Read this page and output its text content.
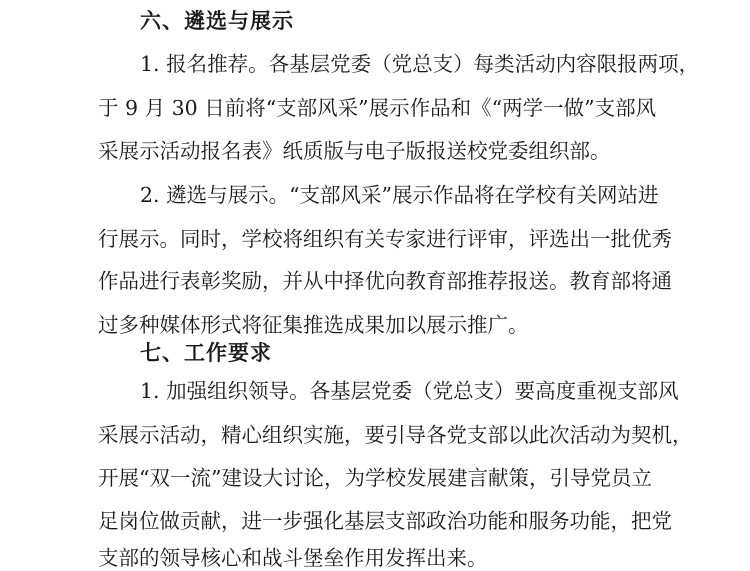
六、遴选与展示
1. 报名推荐。各基层党委（党总支）每类活动内容限报两项，
于 9 月 30 日前将“支部风采”展示作品和《“两学一做”支部风
采展示活动报名表》纸质版与电子版报送校党委组织部。
2. 遴选与展示。“支部风采”展示作品将在学校有关网站进
行展示。同时，学校将组织有关专家进行评审，评选出一批优秀
作品进行表彰奖励，并从中择优向教育部推荐报送。教育部将通
过多种媒体形式将征集推选成果加以展示推广。
七、工作要求
1. 加强组织领导。各基层党委（党总支）要高度重视支部风
采展示活动，精心组织实施，要引导各党支部以此次活动为契机，
开展“双一流”建设大讨论，为学校发展建言献策，引导党员立
足岗位做贡献，进一步强化基层支部政治功能和服务功能，把党
支部的领导核心和战斗堡垒作用发挥出来。
